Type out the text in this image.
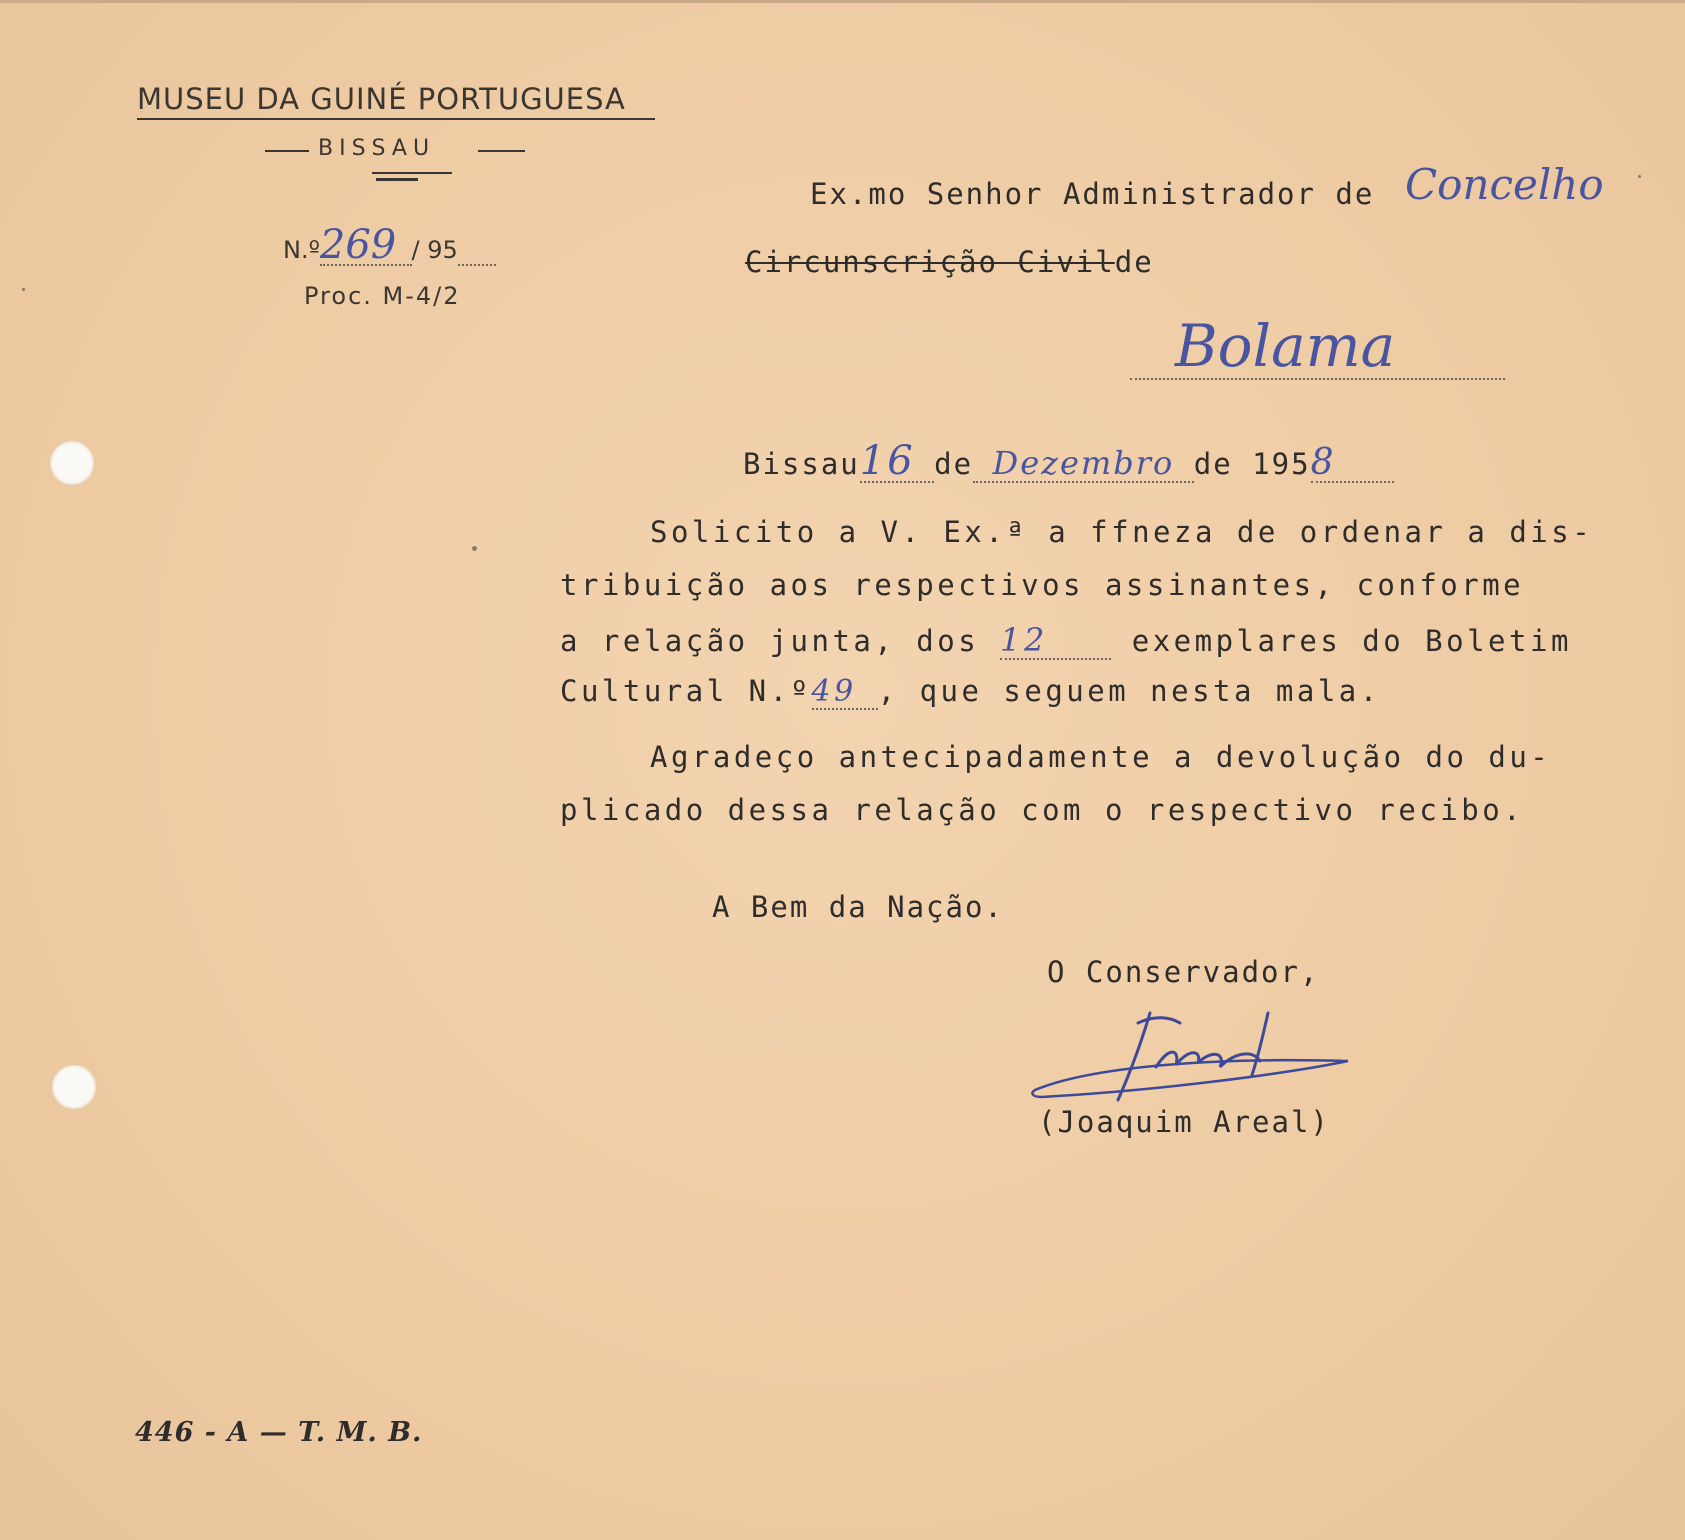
MUSEU DA GUINÉ PORTUGUESA
BISSAU
N.º269 / 95
Proc. M-4/2
Ex.mo Senhor Administrador de Concelho
Circunscrição Civilde
Bolama
Bissau16 de Dezembro de 1958
Solicito a V. Ex.ª a ffneza de ordenar a dis-
tribuição aos respectivos assinantes, conforme
a relação junta, dos 12	exemplares do Boletim
Cultural N.º49 , que seguem nesta mala.
Agradeço antecipadamente a devolução do du-
plicado dessa relação com o respectivo recibo.
A Bem da Nação.
O Conservador,
(Joaquim Areal)
446 - A — T. M. B.
